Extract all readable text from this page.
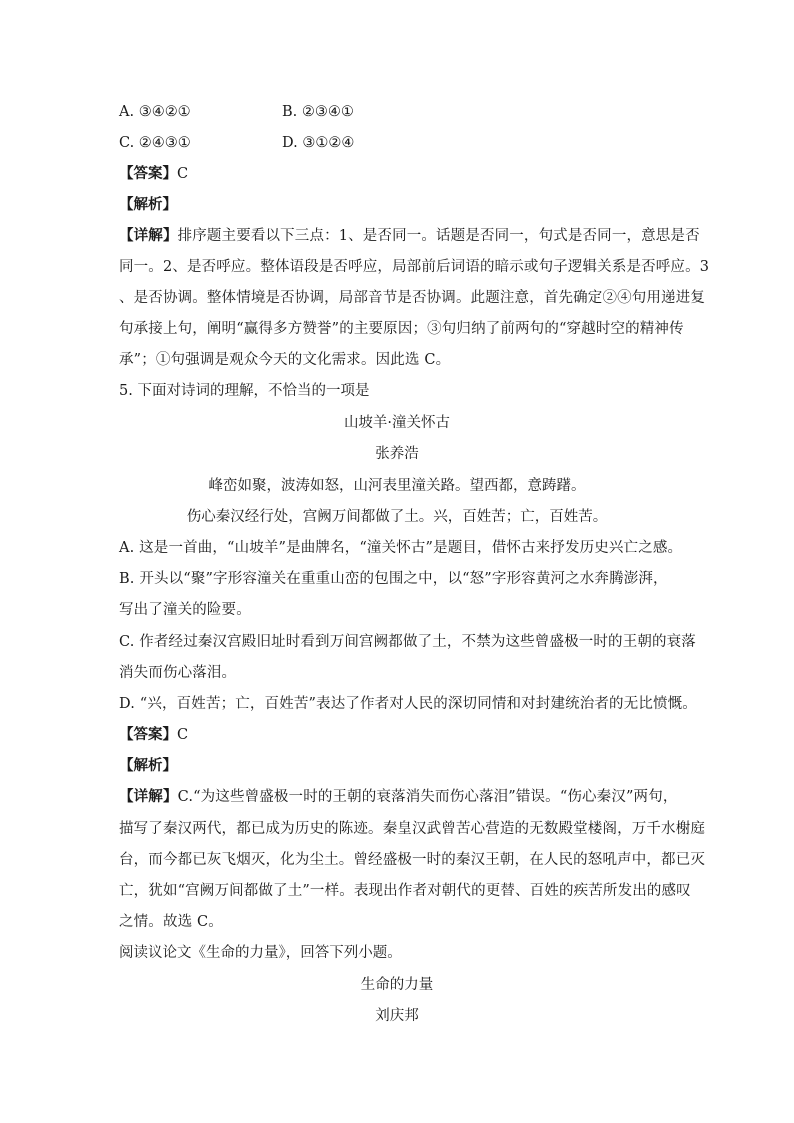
A. ③④②①	B. ②③④①
C. ②④③①	D. ③①②④
【答案】C
【解析】
【详解】排序题主要看以下三点：1、是否同一。话题是否同一，句式是否同一，意思是否
同一。2、是否呼应。整体语段是否呼应，局部前后词语的暗示或句子逻辑关系是否呼应。3
、是否协调。整体情境是否协调，局部音节是否协调。此题注意，首先确定②④句用递进复
句承接上句，阐明“赢得多方赞誉”的主要原因；③句归纳了前两句的“穿越时空的精神传
承”；①句强调是观众今天的文化需求。因此选 C。
5. 下面对诗词的理解，不恰当的一项是
山坡羊·潼关怀古
张养浩
峰峦如聚，波涛如怒，山河表里潼关路。望西都，意踌躇。
伤心秦汉经行处，宫阙万间都做了土。兴，百姓苦；亡，百姓苦。
A. 这是一首曲，“山坡羊”是曲牌名，“潼关怀古”是题目，借怀古来抒发历史兴亡之感。
B. 开头以“聚”字形容潼关在重重山峦的包围之中，以“怒”字形容黄河之水奔腾澎湃，
写出了潼关的险要。
C. 作者经过秦汉宫殿旧址时看到万间宫阙都做了土，不禁为这些曾盛极一时的王朝的衰落
消失而伤心落泪。
D. “兴，百姓苦；亡，百姓苦”表达了作者对人民的深切同情和对封建统治者的无比愤慨。
【答案】C
【解析】
【详解】C.“为这些曾盛极一时的王朝的衰落消失而伤心落泪”错误。“伤心秦汉”两句，
描写了秦汉两代，都已成为历史的陈迹。秦皇汉武曾苦心营造的无数殿堂楼阁，万千水榭庭
台，而今都已灰飞烟灭，化为尘土。曾经盛极一时的秦汉王朝，在人民的怒吼声中，都已灭
亡，犹如“宫阙万间都做了土”一样。表现出作者对朝代的更替、百姓的疾苦所发出的感叹
之情。故选 C。
阅读议论文《生命的力量》，回答下列小题。
生命的力量
刘庆邦
